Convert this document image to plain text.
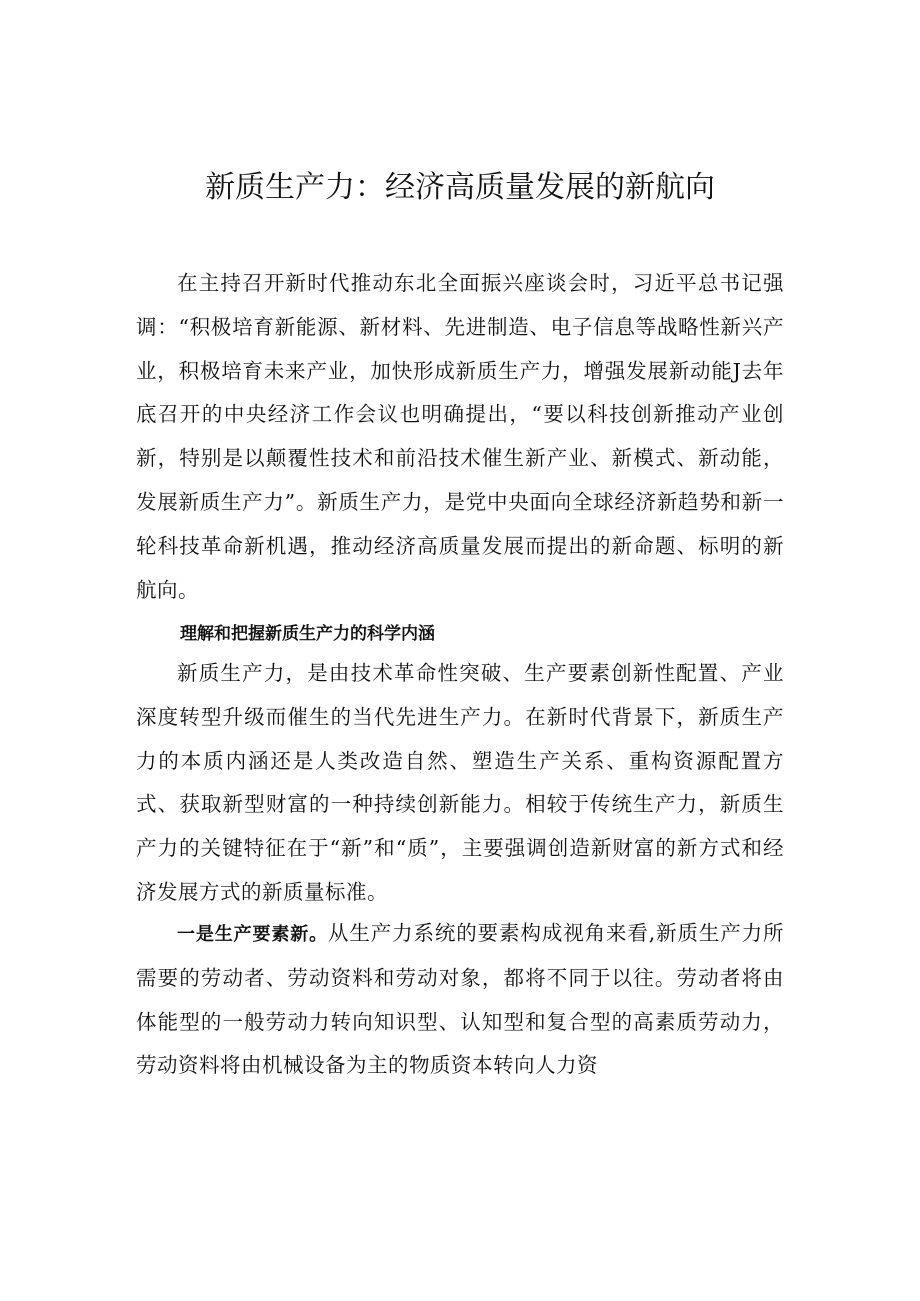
新质生产力：经济高质量发展的新航向

在主持召开新时代推动东北全面振兴座谈会时，习近平总书记强调：“积极培育新能源、新材料、先进制造、电子信息等战略性新兴产业，积极培育未来产业，加快形成新质生产力，增强发展新动能J去年底召开的中央经济工作会议也明确提出，“要以科技创新推动产业创新，特别是以颠覆性技术和前沿技术催生新产业、新模式、新动能，发展新质生产力”。新质生产力，是党中央面向全球经济新趋势和新一轮科技革命新机遇，推动经济高质量发展而提出的新命题、标明的新航向。

理解和把握新质生产力的科学内涵

新质生产力，是由技术革命性突破、生产要素创新性配置、产业深度转型升级而催生的当代先进生产力。在新时代背景下，新质生产力的本质内涵还是人类改造自然、塑造生产关系、重构资源配置方式、获取新型财富的一种持续创新能力。相较于传统生产力，新质生产力的关键特征在于“新”和“质”，主要强调创造新财富的新方式和经济发展方式的新质量标准。

一是生产要素新。从生产力系统的要素构成视角来看,新质生产力所需要的劳动者、劳动资料和劳动对象，都将不同于以往。劳动者将由体能型的一般劳动力转向知识型、认知型和复合型的高素质劳动力，劳动资料将由机械设备为主的物质资本转向人力资
